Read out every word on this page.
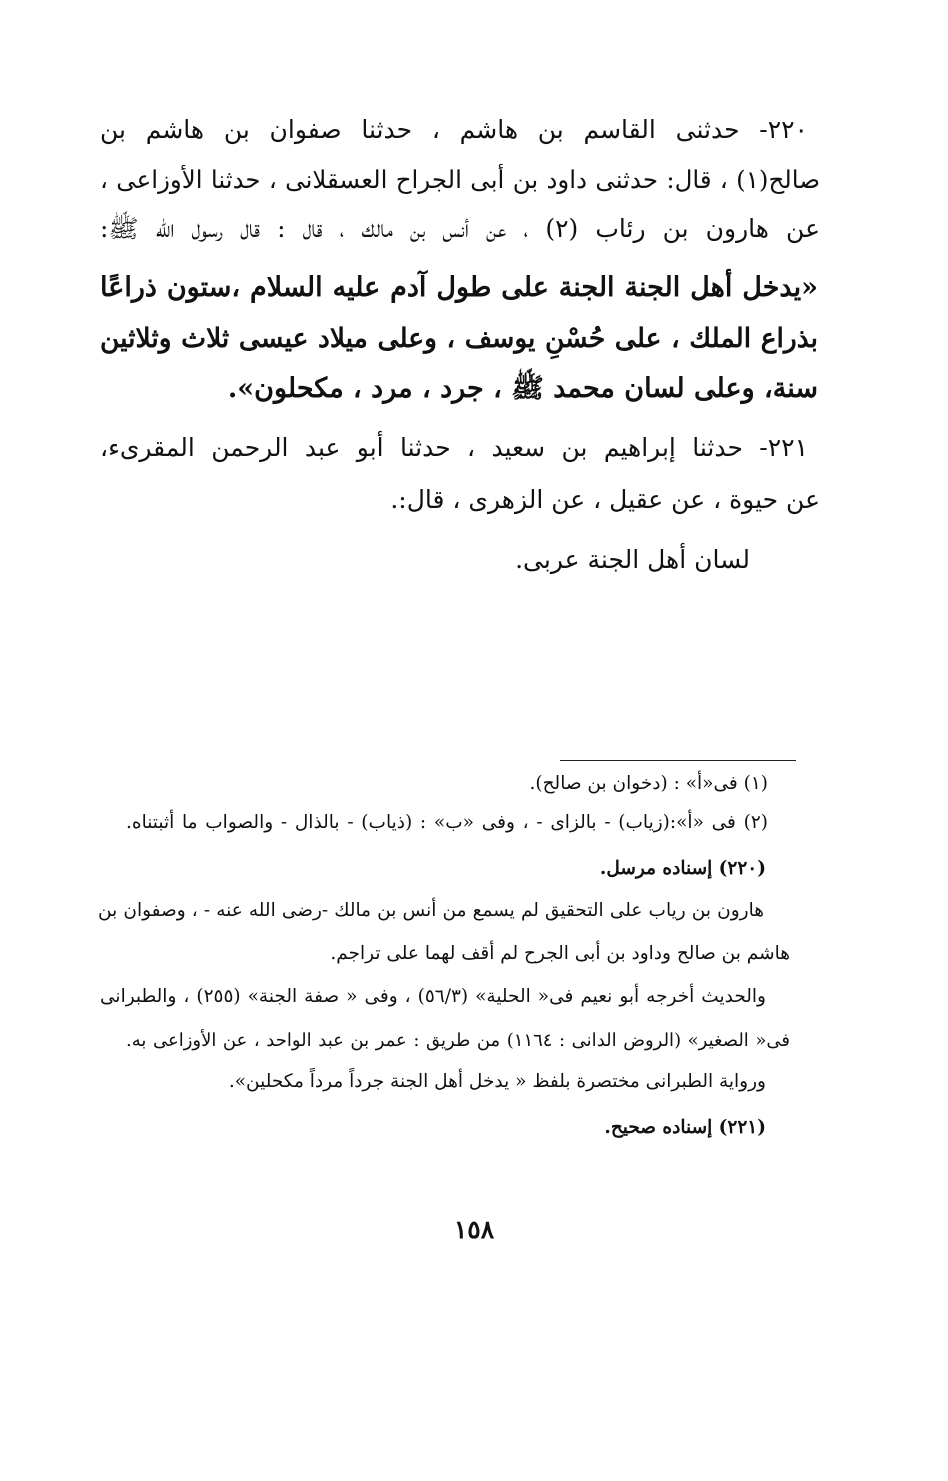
٢٢٠- حدثنى القاسم بن هاشم ، حدثنا صفوان بن هاشم بن
صالح(١) ، قال: حدثنى داود بن أبى الجراح العسقلانى ، حدثنا الأوزاعى ،
عن هارون بن رئاب (٢) ، عن أنس بن مالك ، قال : قال رسول الله ﷺ:
«يدخل أهل الجنة الجنة على طول آدم عليه السلام ،ستون ذراعًا
بذراع الملك ، على حُسْنِ يوسف ، وعلى ميلاد عيسى ثلاث وثلاثين
سنة، وعلى لسان محمد ﷺ ، جرد ، مرد ، مكحلون».
٢٢١- حدثنا إبراهيم بن سعيد ، حدثنا أبو عبد الرحمن المقرىء،
عن حيوة ، عن عقيل ، عن الزهرى ، قال:.
لسان أهل الجنة عربى.
(١) فى«أ» : (دخوان بن صالح).
(٢) فى «أ»:(زياب) - بالزاى - ، وفى «ب» : (ذياب) - بالذال - والصواب ما أثبتناه.
(٢٢٠) إسناده مرسل.
هارون بن رياب على التحقيق لم يسمع من أنس بن مالك -رضى الله عنه - ، وصفوان بن
هاشم بن صالح وداود بن أبى الجرح لم أقف لهما على تراجم.
والحديث أخرجه أبو نعيم فى« الحلية» (٥٦/٣) ، وفى « صفة الجنة» (٢٥٥) ، والطبرانى
فى« الصغير» (الروض الدانى : ١١٦٤) من طريق : عمر بن عبد الواحد ، عن الأوزاعى به.
ورواية الطبرانى مختصرة بلفظ « يدخل أهل الجنة جرداً مرداً مكحلين».
(٢٢١) إسناده صحيح.
١٥٨
